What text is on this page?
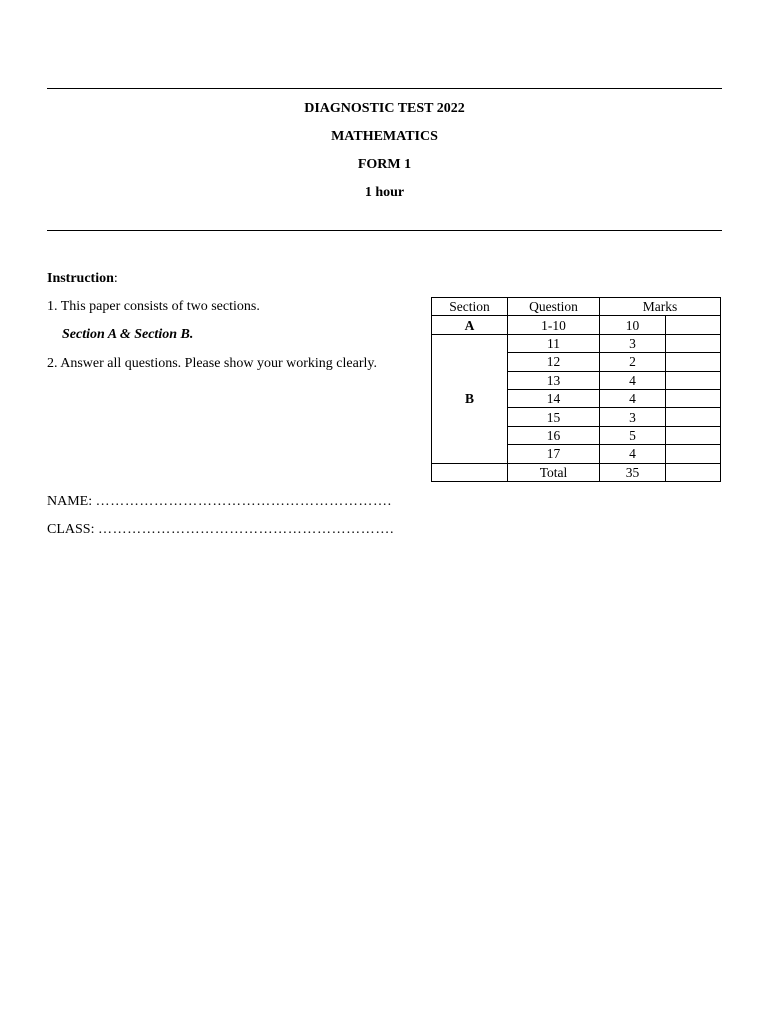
DIAGNOSTIC TEST 2022
MATHEMATICS
FORM 1
1 hour
Instruction:
1. This paper consists of two sections.
Section A & Section B.
2. Answer all questions. Please show your working clearly.
NAME: …………………………………………………….
CLASS: …………………………………………………….
Section	Question	Marks	
A	1-10	10	
B	11	3	
	12	2	
	13	4	
	14	4	
	15	3	
	16	5	
	17	4	
	Total	35	
